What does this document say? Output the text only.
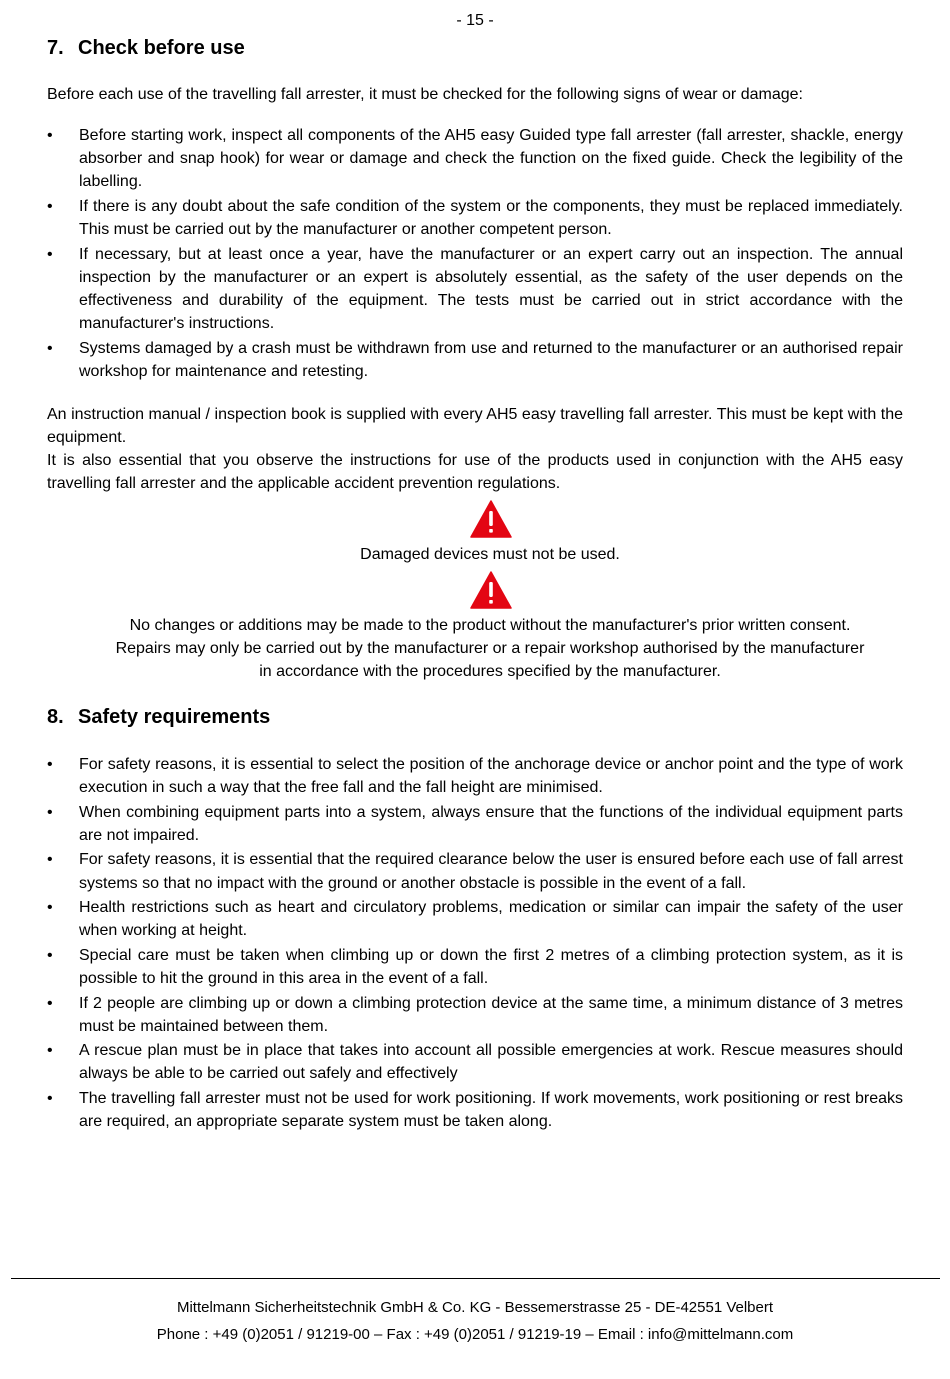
- 15 -
7. Check before use

Before each use of the travelling fall arrester, it must be checked for the following signs of wear or damage:

•	Before starting work, inspect all components of the AH5 easy Guided type fall arrester (fall arrester, shackle, energy absorber and snap hook) for wear or damage and check the function on the fixed guide. Check the legibility of the labelling.
•	If there is any doubt about the safe condition of the system or the components, they must be replaced immediately. This must be carried out by the manufacturer or another competent person.
•	If necessary, but at least once a year, have the manufacturer or an expert carry out an inspection. The annual inspection by the manufacturer or an expert is absolutely essential, as the safety of the user depends on the effectiveness and durability of the equipment. The tests must be carried out in strict accordance with the manufacturer's instructions.
•	Systems damaged by a crash must be withdrawn from use and returned to the manufacturer or an authorised repair workshop for maintenance and retesting.

An instruction manual / inspection book is supplied with every AH5 easy travelling fall arrester. This must be kept with the equipment.

It is also essential that you observe the instructions for use of the products used in conjunction with the AH5 easy travelling fall arrester and the applicable accident prevention regulations.

Damaged devices must not be used.

No changes or additions may be made to the product without the manufacturer's prior written consent.
Repairs may only be carried out by the manufacturer or a repair workshop authorised by the manufacturer
in accordance with the procedures specified by the manufacturer.

8. Safety requirements
•	For safety reasons, it is essential to select the position of the anchorage device or anchor point and the type of work execution in such a way that the free fall and the fall height are minimised.
•	When combining equipment parts into a system, always ensure that the functions of the individual equipment parts are not impaired.
•	For safety reasons, it is essential that the required clearance below the user is ensured before each use of fall arrest systems so that no impact with the ground or another obstacle is possible in the event of a fall.
•	Health restrictions such as heart and circulatory problems, medication or similar can impair the safety of the user when working at height.
•	Special care must be taken when climbing up or down the first 2 metres of a climbing protection system, as it is possible to hit the ground in this area in the event of a fall.
•	If 2 people are climbing up or down a climbing protection device at the same time, a minimum distance of 3 metres must be maintained between them.
•	A rescue plan must be in place that takes into account all possible emergencies at work. Rescue measures should always be able to be carried out safely and effectively
•	The travelling fall arrester must not be used for work positioning. If work movements, work positioning or rest breaks are required, an appropriate separate system must be taken along.
Mittelmann Sicherheitstechnik GmbH & Co. KG - Bessemerstrasse 25 - DE-42551 Velbert
Phone : +49 (0)2051 / 91219-00 – Fax : +49 (0)2051 / 91219-19 – Email : info@mittelmann.com
